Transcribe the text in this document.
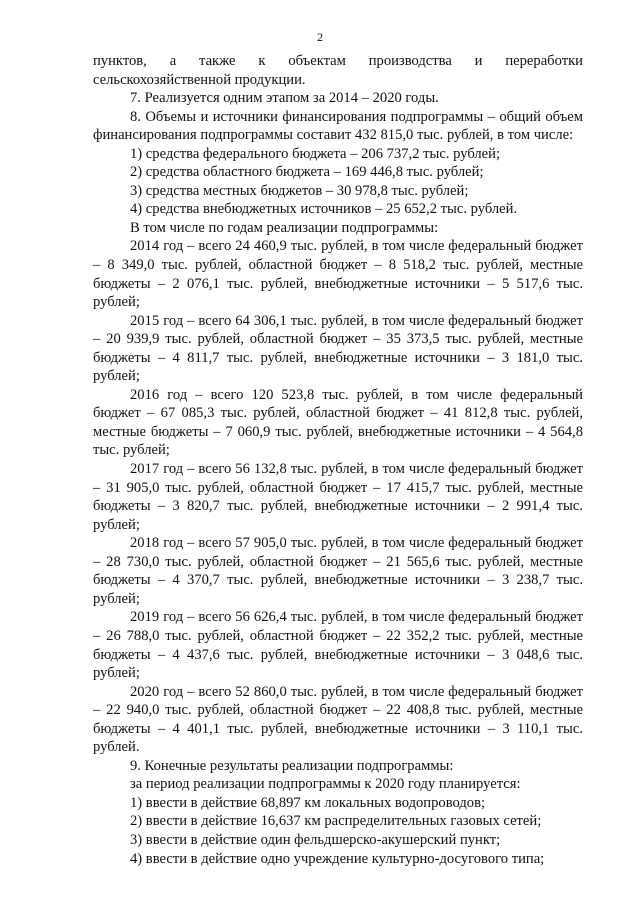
2

пунктов, а также к объектам производства и переработки сельскохозяйственной продукции.

7. Реализуется одним этапом за 2014 – 2020 годы.

8. Объемы и источники финансирования подпрограммы – общий объем финансирования подпрограммы составит 432 815,0 тыс. рублей, в том числе:

1) средства федерального бюджета – 206 737,2 тыс. рублей;

2) средства областного бюджета – 169 446,8 тыс. рублей;

3) средства местных бюджетов – 30 978,8 тыс. рублей;

4) средства внебюджетных источников – 25 652,2 тыс. рублей.

В том числе по годам реализации подпрограммы:

2014 год – всего 24 460,9 тыс. рублей, в том числе федеральный бюджет – 8 349,0 тыс. рублей, областной бюджет – 8 518,2 тыс. рублей, местные бюджеты – 2 076,1 тыс. рублей, внебюджетные источники – 5 517,6 тыс. рублей;

2015 год – всего 64 306,1 тыс. рублей, в том числе федеральный бюджет – 20 939,9 тыс. рублей, областной бюджет – 35 373,5 тыс. рублей, местные бюджеты – 4 811,7 тыс. рублей, внебюджетные источники – 3 181,0 тыс. рублей;

2016 год – всего 120 523,8 тыс. рублей, в том числе федеральный бюджет – 67 085,3 тыс. рублей, областной бюджет – 41 812,8 тыс. рублей, местные бюджеты – 7 060,9 тыс. рублей, внебюджетные источники – 4 564,8 тыс. рублей;

2017 год – всего 56 132,8 тыс. рублей, в том числе федеральный бюджет – 31 905,0 тыс. рублей, областной бюджет – 17 415,7 тыс. рублей, местные бюджеты – 3 820,7 тыс. рублей, внебюджетные источники – 2 991,4 тыс. рублей;

2018 год – всего 57 905,0 тыс. рублей, в том числе федеральный бюджет – 28 730,0 тыс. рублей, областной бюджет – 21 565,6 тыс. рублей, местные бюджеты – 4 370,7 тыс. рублей, внебюджетные источники – 3 238,7 тыс. рублей;

2019 год – всего 56 626,4 тыс. рублей, в том числе федеральный бюджет – 26 788,0 тыс. рублей, областной бюджет – 22 352,2 тыс. рублей, местные бюджеты – 4 437,6 тыс. рублей, внебюджетные источники – 3 048,6 тыс. рублей;

2020 год – всего 52 860,0 тыс. рублей, в том числе федеральный бюджет – 22 940,0 тыс. рублей, областной бюджет – 22 408,8 тыс. рублей, местные бюджеты – 4 401,1 тыс. рублей, внебюджетные источники – 3 110,1 тыс. рублей.

9. Конечные результаты реализации подпрограммы:

за период реализации подпрограммы к 2020 году планируется:

1) ввести в действие 68,897 км локальных водопроводов;

2) ввести в действие 16,637 км распределительных газовых сетей;

3) ввести в действие один фельдшерско-акушерский пункт;

4) ввести в действие одно учреждение культурно-досугового типа;
